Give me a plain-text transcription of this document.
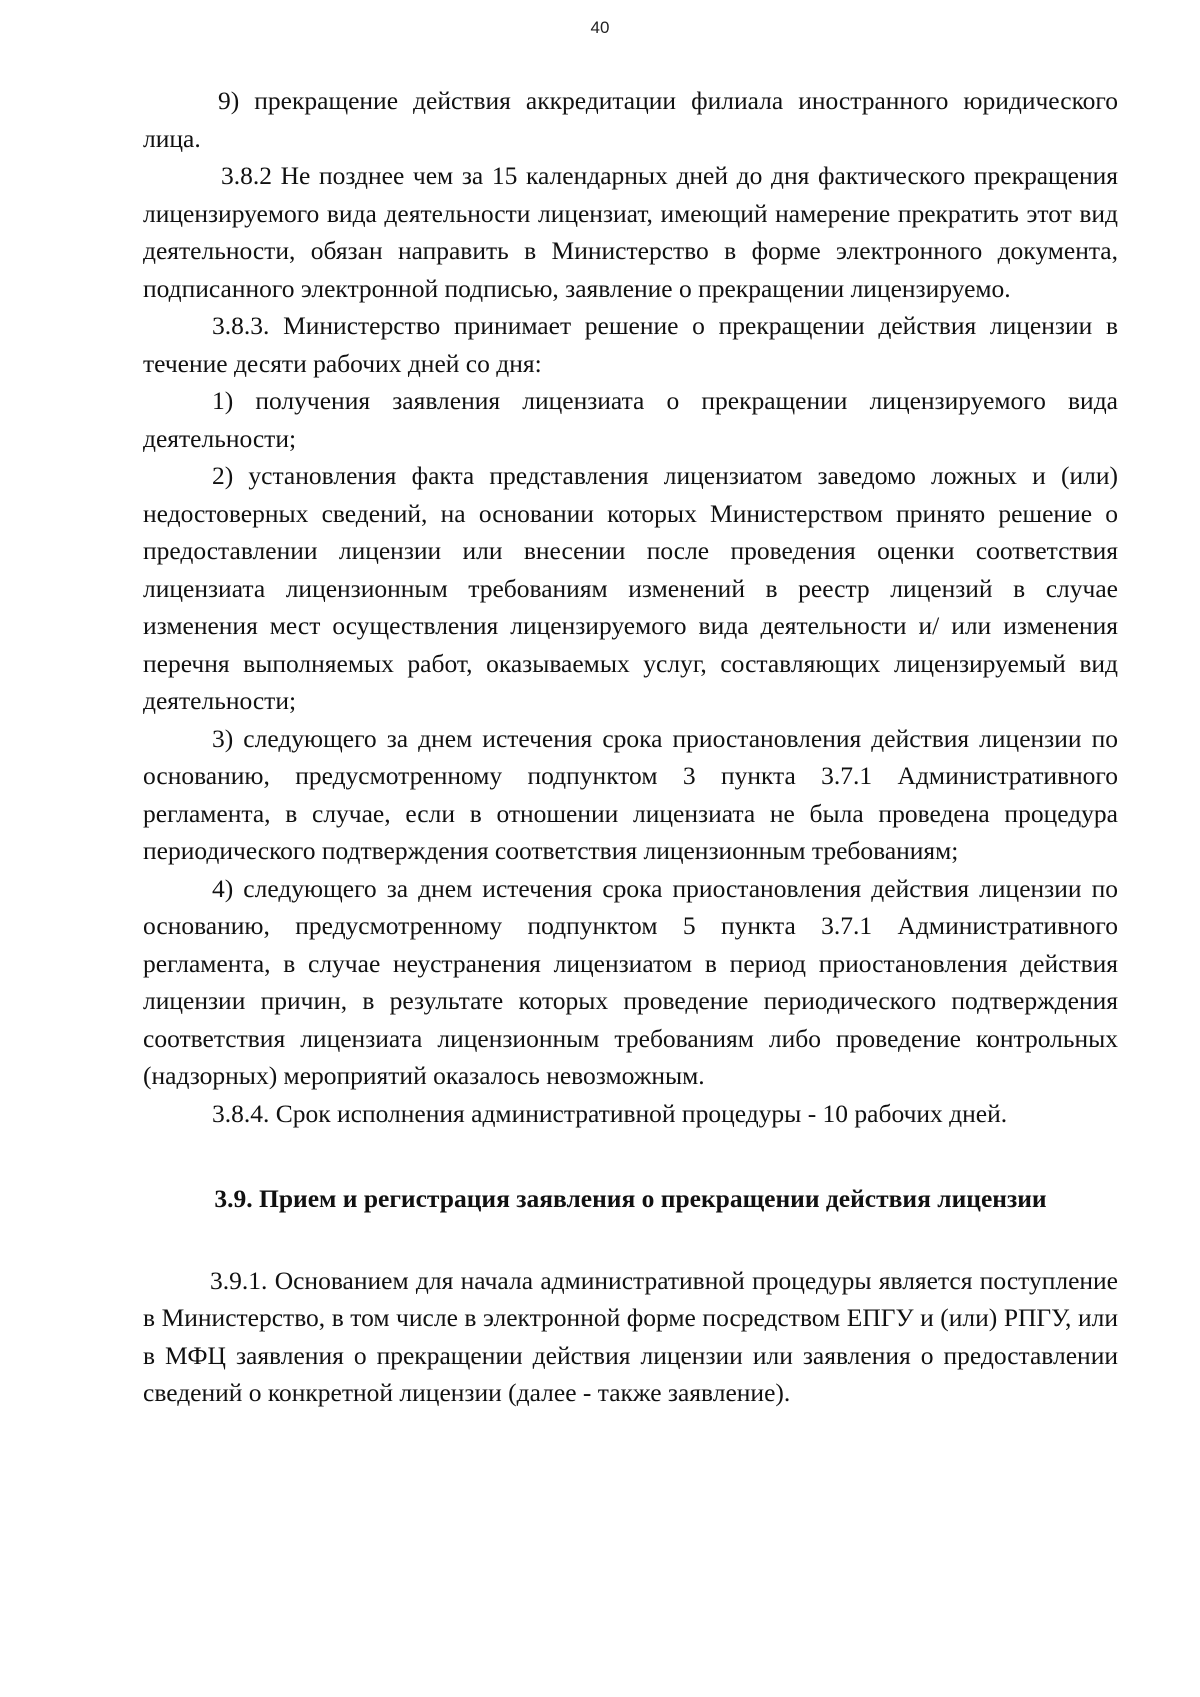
40

9) прекращение действия аккредитации филиала иностранного юридического лица.

3.8.2 Не позднее чем за 15 календарных дней до дня фактического прекращения лицензируемого вида деятельности лицензиат, имеющий намерение прекратить этот вид деятельности, обязан направить в Министерство в форме электронного документа, подписанного электронной подписью, заявление о прекращении лицензируемо.

3.8.3. Министерство принимает решение о прекращении действия лицензии в течение десяти рабочих дней со дня:

1) получения заявления лицензиата о прекращении лицензируемого вида деятельности;

2) установления факта представления лицензиатом заведомо ложных и (или) недостоверных сведений, на основании которых Министерством принято решение о предоставлении лицензии или внесении после проведения оценки соответствия лицензиата лицензионным требованиям изменений в реестр лицензий в случае изменения мест осуществления лицензируемого вида деятельности и/ или изменения перечня выполняемых работ, оказываемых услуг, составляющих лицензируемый вид деятельности;

3) следующего за днем истечения срока приостановления действия лицензии по основанию, предусмотренному подпунктом 3 пункта 3.7.1 Административного регламента, в случае, если в отношении лицензиата не была проведена процедура периодического подтверждения соответствия лицензионным требованиям;

4) следующего за днем истечения срока приостановления действия лицензии по основанию, предусмотренному подпунктом 5 пункта 3.7.1 Административного регламента, в случае неустранения лицензиатом в период приостановления действия лицензии причин, в результате которых проведение периодического подтверждения соответствия лицензиата лицензионным требованиям либо проведение контрольных (надзорных) мероприятий оказалось невозможным.

3.8.4. Срок исполнения административной процедуры - 10 рабочих дней.

3.9. Прием и регистрация заявления о прекращении действия лицензии

3.9.1. Основанием для начала административной процедуры является поступление в Министерство, в том числе в электронной форме посредством ЕПГУ и (или) РПГУ, или в МФЦ заявления о прекращении действия лицензии или заявления о предоставлении сведений о конкретной лицензии (далее - также заявление).
